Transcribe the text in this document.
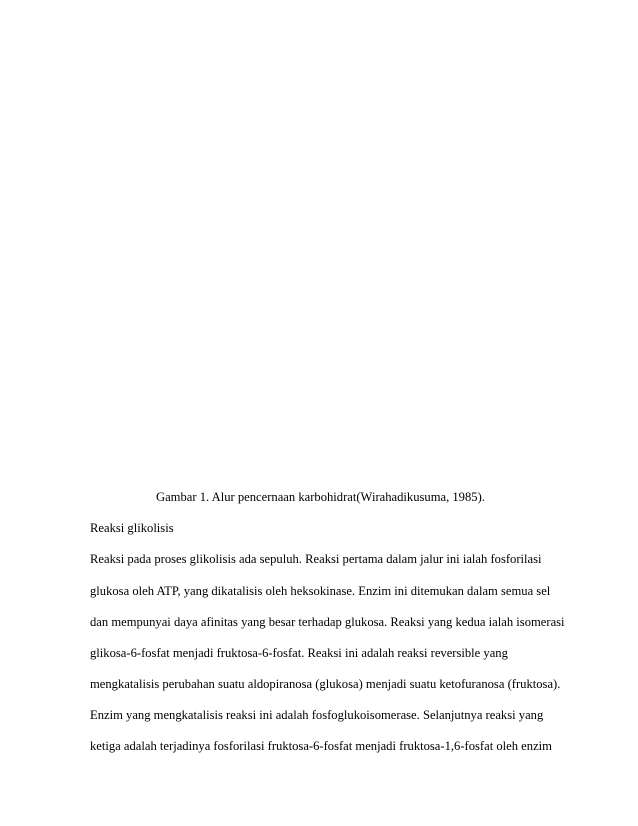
Gambar 1. Alur pencernaan karbohidrat(Wirahadikusuma, 1985).
Reaksi glikolisis
Reaksi pada proses glikolisis ada sepuluh. Reaksi pertama dalam jalur ini ialah fosforilasi
glukosa oleh ATP, yang dikatalisis oleh heksokinase. Enzim ini ditemukan dalam semua sel
dan mempunyai daya afinitas yang besar terhadap glukosa. Reaksi yang kedua ialah isomerasi
glikosa-6-fosfat menjadi fruktosa-6-fosfat. Reaksi ini adalah reaksi reversible yang
mengkatalisis perubahan suatu aldopiranosa (glukosa) menjadi suatu ketofuranosa (fruktosa).
Enzim yang mengkatalisis reaksi ini adalah fosfoglukoisomerase. Selanjutnya reaksi yang
ketiga adalah terjadinya fosforilasi fruktosa-6-fosfat menjadi fruktosa-1,6-fosfat oleh enzim
